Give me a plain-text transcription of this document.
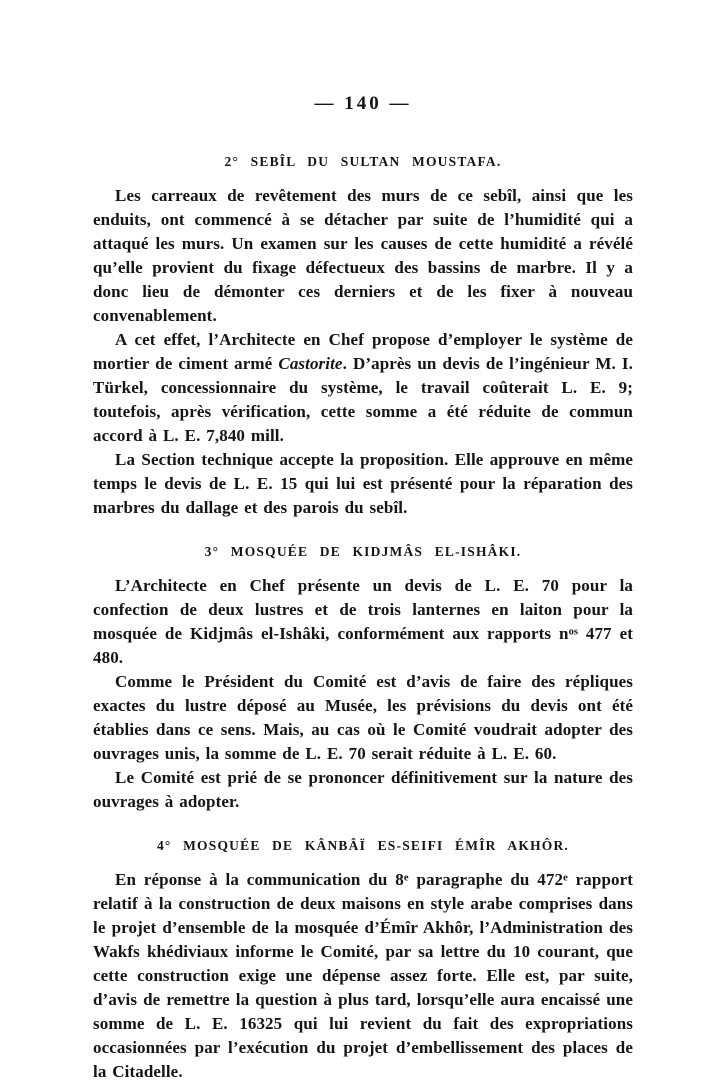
— 140 —
2° SEBÎL DU SULTAN MOUSTAFA.

Les carreaux de revêtement des murs de ce sebîl, ainsi que les enduits, ont commencé à se détacher par suite de l’humidité qui a attaqué les murs. Un examen sur les causes de cette humidité a révélé qu’elle provient du fixage défectueux des bassins de marbre. Il y a donc lieu de démonter ces derniers et de les fixer à nouveau convenablement.

A cet effet, l’Architecte en Chef propose d’employer le système de mortier de ciment armé Castorite. D’après un devis de l’ingénieur M. I. Türkel, concessionnaire du système, le travail coûterait L. E. 9; toutefois, après vérification, cette somme a été réduite de commun accord à L. E. 7,840 mill.

La Section technique accepte la proposition. Elle approuve en même temps le devis de L. E. 15 qui lui est présenté pour la réparation des marbres du dallage et des parois du sebîl.

3° MOSQUÉE DE KIDJMÂS EL-ISHÂKI.

L’Architecte en Chef présente un devis de L. E. 70 pour la confection de deux lustres et de trois lanternes en laiton pour la mosquée de Kidjmâs el-Ishâki, conformément aux rapports $n^{os}$ 477 et 480.

Comme le Président du Comité est d’avis de faire des répliques exactes du lustre déposé au Musée, les prévisions du devis ont été établies dans ce sens. Mais, au cas où le Comité voudrait adopter des ouvrages unis, la somme de L. E. 70 serait réduite à L. E. 60.

Le Comité est prié de se prononcer définitivement sur la nature des ouvrages à adopter.

4° MOSQUÉE DE KÂNBÂÏ ES-SEIFI ÉMÎR AKHÔR.

En réponse à la communication du 8e paragraphe du 472e rapport relatif à la construction de deux maisons en style arabe comprises dans le projet d’ensemble de la mosquée d’Émîr Akhôr, l’Administration des Wakfs khédiviaux informe le Comité, par sa lettre du 10 courant, que cette construction exige une dépense assez forte. Elle est, par suite, d’avis de remettre la question à plus tard, lorsqu’elle aura encaissé une somme de L. E. 16325 qui lui revient du fait des expropriations occasionnées par l’exécution du projet d’embellissement des places de la Citadelle.
